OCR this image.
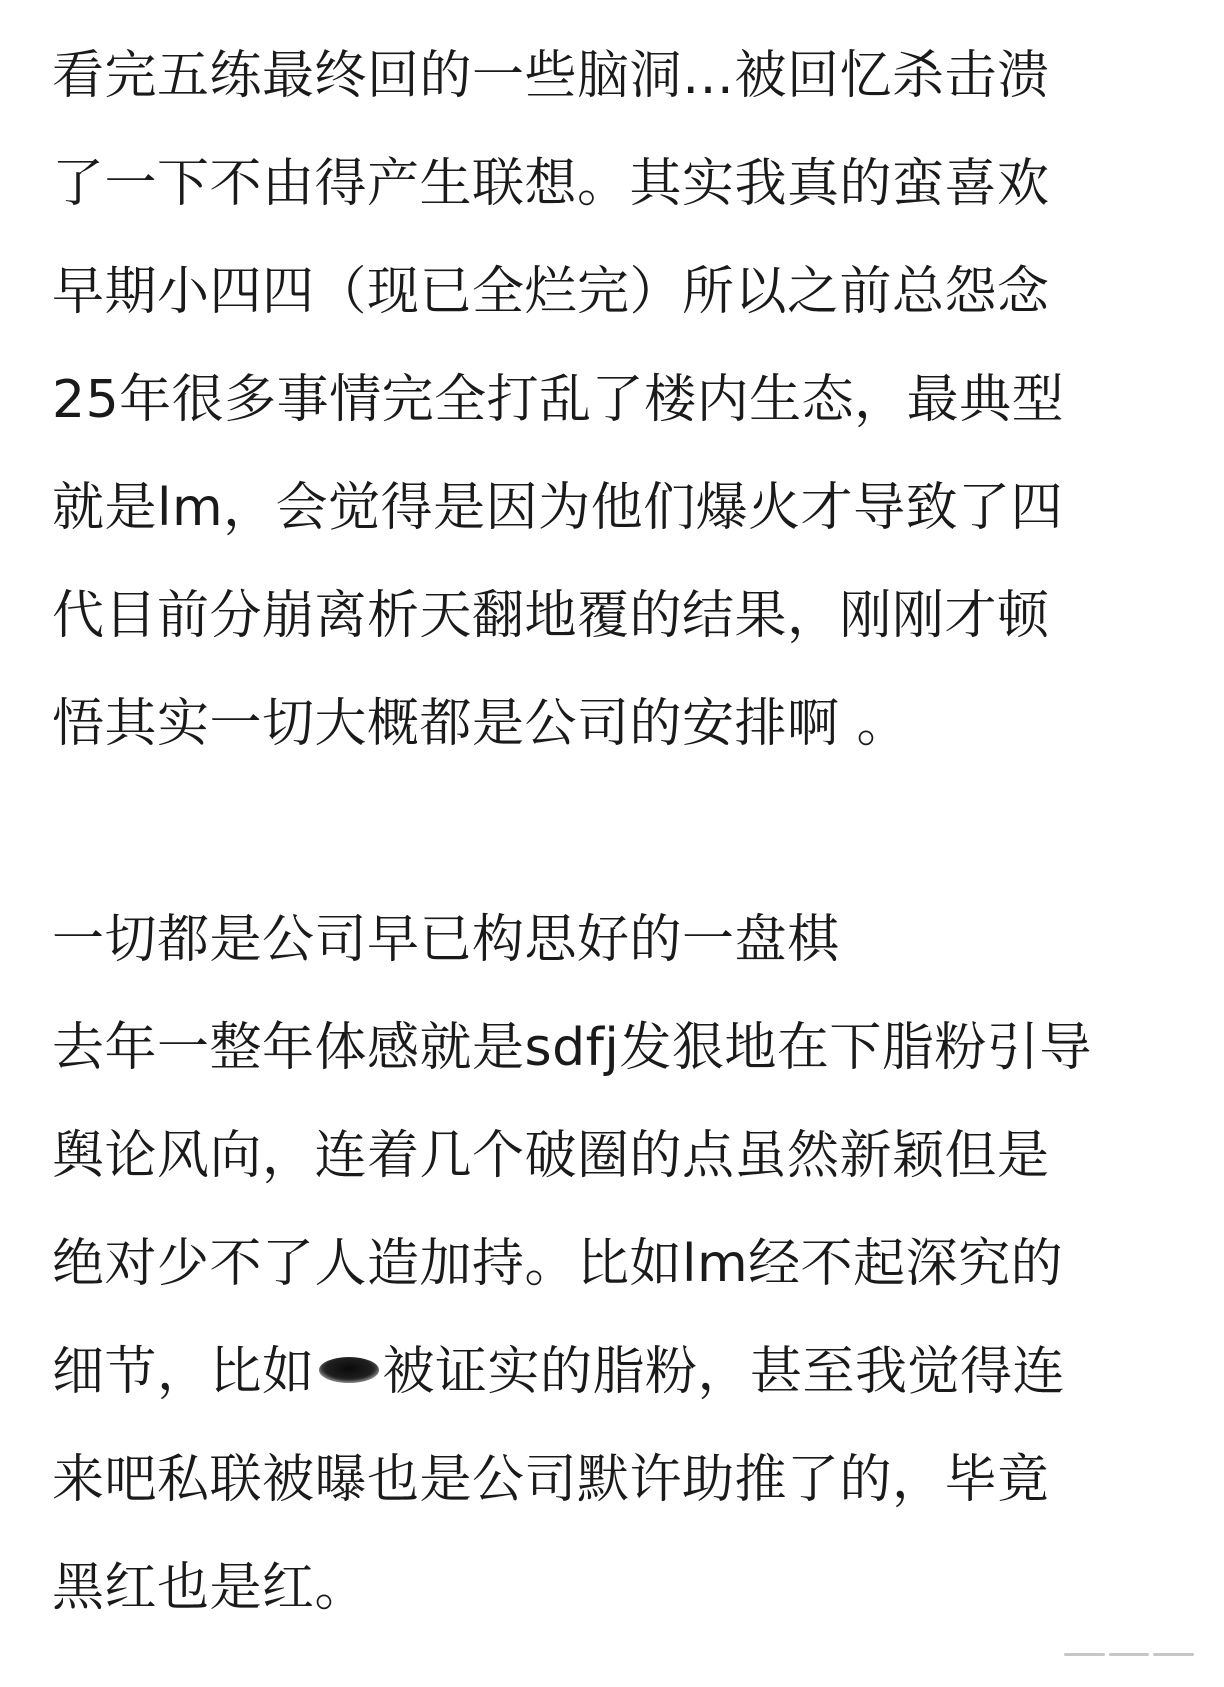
看完五练最终回的一些脑洞…被回忆杀击溃
了一下不由得产生联想。其实我真的蛮喜欢
早期小四四（现已全烂完）所以之前总怨念
25年很多事情完全打乱了楼内生态，最典型
就是lm，会觉得是因为他们爆火才导致了四
代目前分崩离析天翻地覆的结果，刚刚才顿
悟其实一切大概都是公司的安排啊 。
一切都是公司早已构思好的一盘棋
去年一整年体感就是sdfj发狠地在下脂粉引导
舆论风向，连着几个破圈的点虽然新颖但是
绝对少不了人造加持。比如lm经不起深究的
细节，比如 被证实的脂粉，甚至我觉得连
来吧私联被曝也是公司默许助推了的，毕竟
黑红也是红。
